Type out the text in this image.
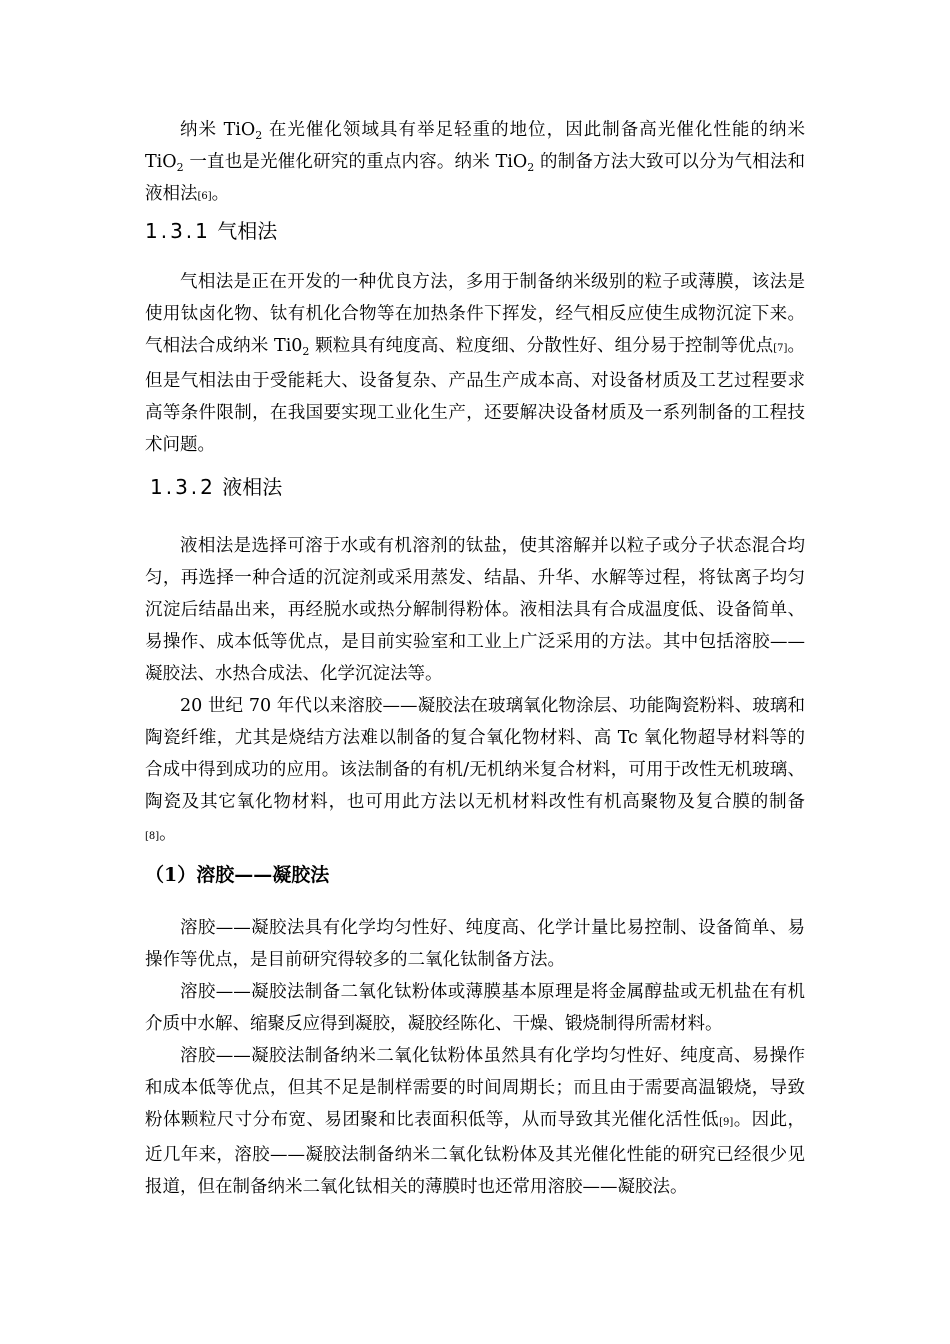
纳米 TiO$_2$ 在光催化领域具有举足轻重的地位，因此制备高光催化性能的纳米 TiO$_2$ 一直也是光催化研究的重点内容。纳米 TiO$_2$ 的制备方法大致可以分为气相法和液相法[6]。

1.3.1 气相法

气相法是正在开发的一种优良方法，多用于制备纳米级别的粒子或薄膜，该法是使用钛卤化物、钛有机化合物等在加热条件下挥发，经气相反应使生成物沉淀下来。气相法合成纳米 $Ti0_2$ 颗粒具有纯度高、粒度细、分散性好、组分易于控制等优点[7]。但是气相法由于受能耗大、设备复杂、产品生产成本高、对设备材质及工艺过程要求高等条件限制，在我国要实现工业化生产，还要解决设备材质及一系列制备的工程技术问题。

1.3.2 液相法

液相法是选择可溶于水或有机溶剂的钛盐，使其溶解并以粒子或分子状态混合均匀，再选择一种合适的沉淀剂或采用蒸发、结晶、升华、水解等过程，将钛离子均匀沉淀后结晶出来，再经脱水或热分解制得粉体。液相法具有合成温度低、设备简单、易操作、成本低等优点，是目前实验室和工业上广泛采用的方法。其中包括溶胶——凝胶法、水热合成法、化学沉淀法等。

20 世纪 70 年代以来溶胶——凝胶法在玻璃氧化物涂层、功能陶瓷粉料、玻璃和陶瓷纤维，尤其是烧结方法难以制备的复合氧化物材料、高 Tc 氧化物超导材料等的合成中得到成功的应用。该法制备的有机/无机纳米复合材料，可用于改性无机玻璃、陶瓷及其它氧化物材料，也可用此方法以无机材料改性有机高聚物及复合膜的制备[8]。

（1）溶胶——凝胶法

溶胶——凝胶法具有化学均匀性好、纯度高、化学计量比易控制、设备简单、易操作等优点，是目前研究得较多的二氧化钛制备方法。

溶胶——凝胶法制备二氧化钛粉体或薄膜基本原理是将金属醇盐或无机盐在有机介质中水解、缩聚反应得到凝胶，凝胶经陈化、干燥、锻烧制得所需材料。

溶胶——凝胶法制备纳米二氧化钛粉体虽然具有化学均匀性好、纯度高、易操作和成本低等优点，但其不足是制样需要的时间周期长；而且由于需要高温锻烧，导致粉体颗粒尺寸分布宽、易团聚和比表面积低等，从而导致其光催化活性低[9]。因此，近几年来，溶胶——凝胶法制备纳米二氧化钛粉体及其光催化性能的研究已经很少见报道，但在制备纳米二氧化钛相关的薄膜时也还常用溶胶——凝胶法。
